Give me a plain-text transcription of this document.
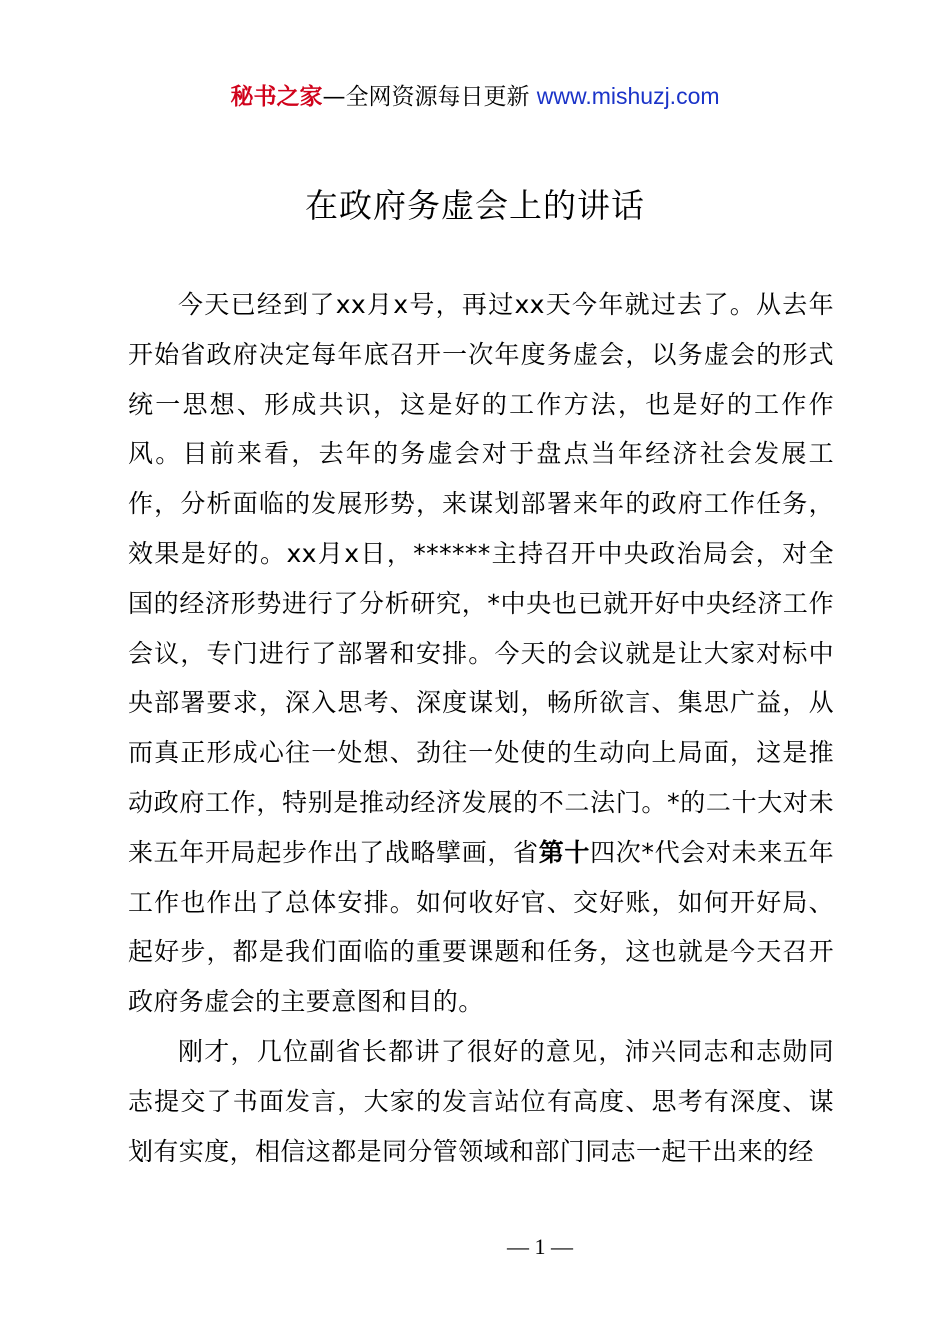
秘书之家—全网资源每日更新 www.mishuzj.com
在政府务虚会上的讲话

今天已经到了xx月x号，再过xx天今年就过去了。从去年开始省政府决定每年底召开一次年度务虚会，以务虚会的形式统一思想、形成共识，这是好的工作方法，也是好的工作作风。目前来看，去年的务虚会对于盘点当年经济社会发展工作，分析面临的发展形势，来谋划部署来年的政府工作任务，效果是好的。xx月x日，******主持召开中央政治局会，对全国的经济形势进行了分析研究，*中央也已就开好中央经济工作会议，专门进行了部署和安排。今天的会议就是让大家对标中央部署要求，深入思考、深度谋划，畅所欲言、集思广益，从而真正形成心往一处想、劲往一处使的生动向上局面，这是推动政府工作，特别是推动经济发展的不二法门。*的二十大对未来五年开局起步作出了战略擘画，省第十四次*代会对未来五年工作也作出了总体安排。如何收好官、交好账，如何开好局、起好步，都是我们面临的重要课题和任务，这也就是今天召开政府务虚会的主要意图和目的。

刚才，几位副省长都讲了很好的意见，沛兴同志和志勋同志提交了书面发言，大家的发言站位有高度、思考有深度、谋划有实度，相信这都是同分管领域和部门同志一起干出来的经

— 1 —
